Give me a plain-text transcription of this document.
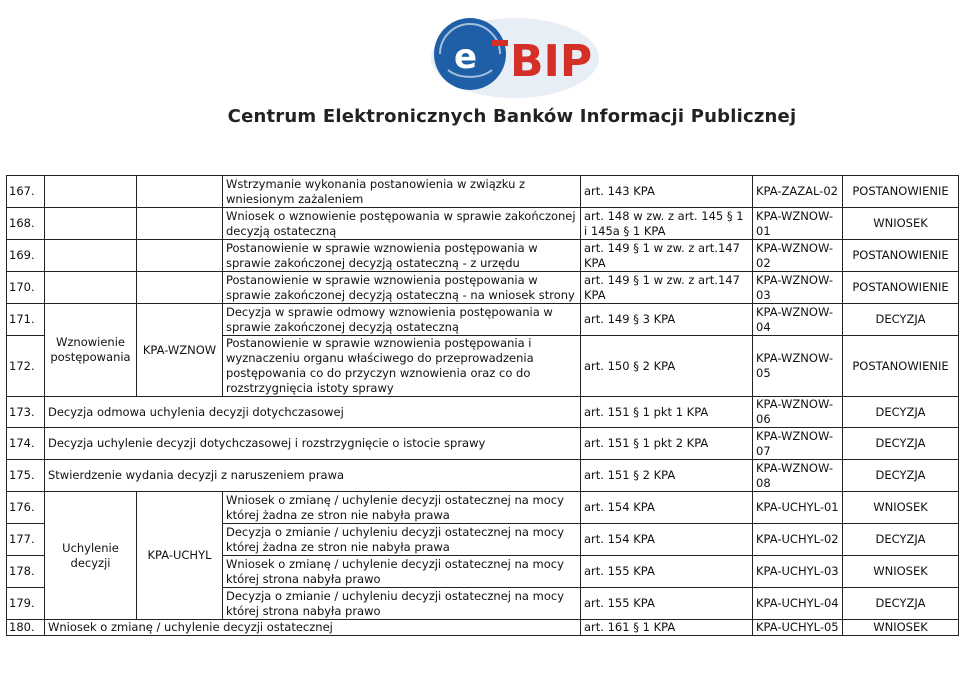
e BIP
Centrum Elektronicznych Banków Informacji Publicznej
167.			Wstrzymanie wykonania postanowienia w związku z wniesionym zażaleniem	art. 143 KPA	KPA-ZAZAL-02	POSTANOWIENIE
168.			Wniosek o wznowienie postępowania w sprawie zakończonej decyzją ostateczną	art. 148 w zw. z art. 145 § 1 i 145a § 1 KPA	KPA-WZNOW-01	WNIOSEK
169.			Postanowienie w sprawie wznowienia postępowania w sprawie zakończonej decyzją ostateczną - z urzędu	art. 149 § 1 w zw. z art.147 KPA	KPA-WZNOW-02	POSTANOWIENIE
170.			Postanowienie w sprawie wznowienia postępowania w sprawie zakończonej decyzją ostateczną - na wniosek strony	art. 149 § 1 w zw. z art.147 KPA	KPA-WZNOW-03	POSTANOWIENIE
171.	Wznowienie postępowania	KPA-WZNOW	Decyzja w sprawie odmowy wznowienia postępowania w sprawie zakończonej decyzją ostateczną	art. 149 § 3 KPA	KPA-WZNOW-04	DECYZJA
172.			Postanowienie w sprawie wznowienia postępowania i wyznaczeniu organu właściwego do przeprowadzenia postępowania co do przyczyn wznowienia oraz co do rozstrzygnięcia istoty sprawy	art. 150 § 2 KPA	KPA-WZNOW-05	POSTANOWIENIE
173.	Decyzja odmowa uchylenia decyzji dotychczasowej			art. 151 § 1 pkt 1 KPA	KPA-WZNOW-06	DECYZJA
174.	Decyzja uchylenie decyzji dotychczasowej i rozstrzygnięcie o istocie sprawy			art. 151 § 1 pkt 2 KPA	KPA-WZNOW-07	DECYZJA
175.	Stwierdzenie wydania decyzji z naruszeniem prawa			art. 151 § 2 KPA	KPA-WZNOW-08	DECYZJA
176.	Uchylenie decyzji	KPA-UCHYL	Wniosek o zmianę / uchylenie decyzji ostatecznej na mocy której żadna ze stron nie nabyła prawa	art. 154 KPA	KPA-UCHYL-01	WNIOSEK
177.			Decyzja o zmianie / uchyleniu decyzji ostatecznej na mocy której żadna ze stron nie nabyła prawa	art. 154 KPA	KPA-UCHYL-02	DECYZJA
178.			Wniosek o zmianę / uchylenie decyzji ostatecznej na mocy której strona nabyła prawo	art. 155 KPA	KPA-UCHYL-03	WNIOSEK
179.			Decyzja o zmianie / uchyleniu decyzji ostatecznej na mocy której strona nabyła prawo	art. 155 KPA	KPA-UCHYL-04	DECYZJA
180.	Wniosek o zmianę / uchylenie decyzji ostatecznej			art. 161 § 1 KPA	KPA-UCHYL-05	WNIOSEK
